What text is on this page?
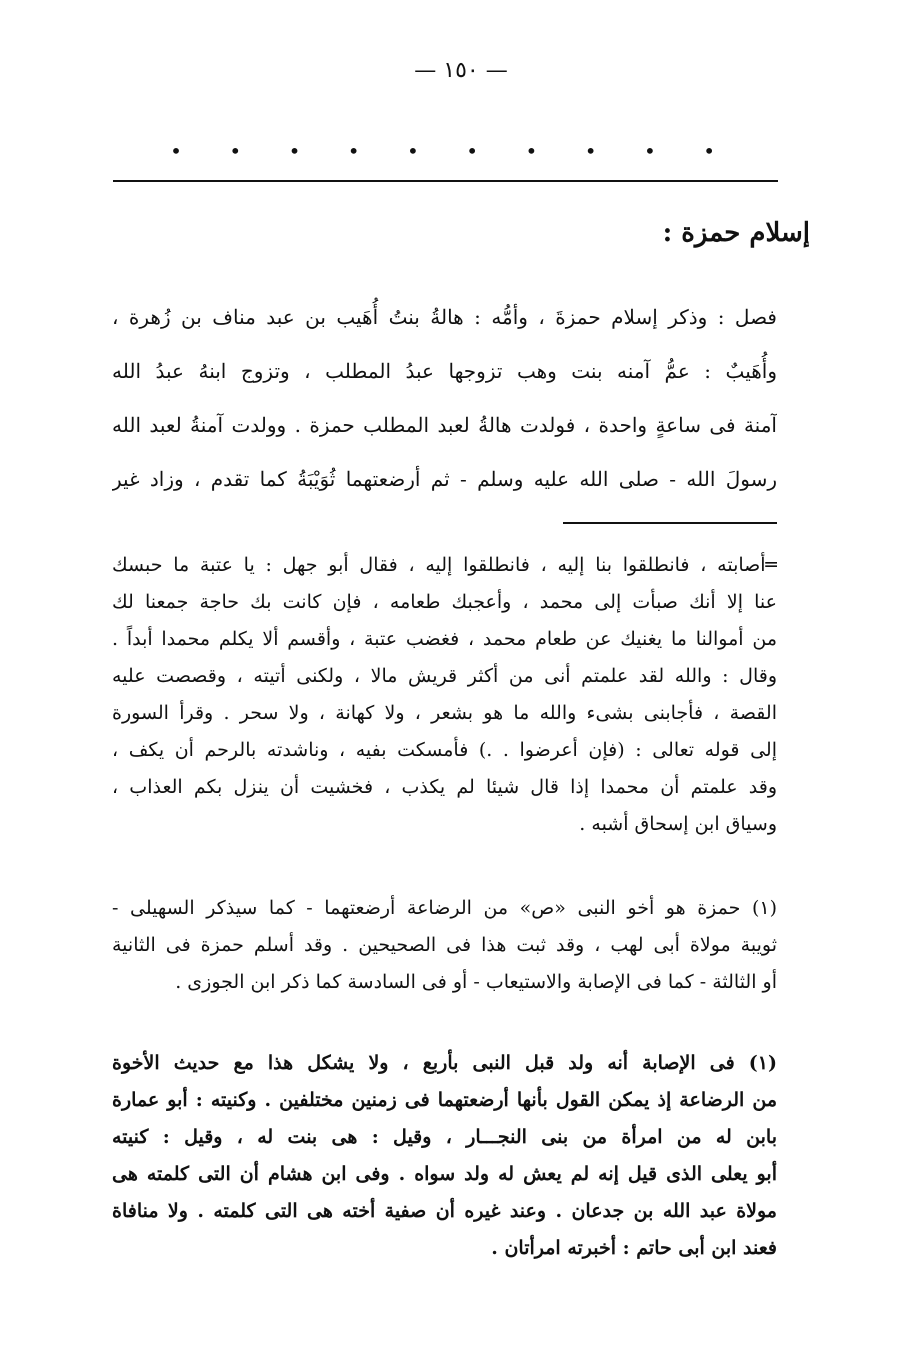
— ١٥٠ —
•
•
•
•
•
•
•
•
•
•
إسلام حمزة :
فصل : وذكر إسلام حمزةَ ، وأمُّه : هالةُ بنتُ أُهَيب بن عبد مناف بن زُهرة ،
وأُهَيبٌ : عمُّ آمنه بنت وهب تزوجها عبدُ المطلب ، وتزوج ابنهُ عبدُ الله
آمنة فى ساعةٍ واحدة ، فولدت هالةُ لعبد المطلب حمزة . وولدت آمنةُ لعبد الله
رسولَ الله - صلى الله عليه وسلم - ثم أرضعتهما ثُوَيْبَةُ كما تقدم ، وزاد غير
═أصابته ، فانطلقوا بنا إليه ، فانطلقوا إليه ، فقال أبو جهل : يا عتبة ما حبسك
عنا إلا أنك صبأت إلى محمد ، وأعجبك طعامه ، فإن كانت بك حاجة جمعنا لك
من أموالنا ما يغنيك عن طعام محمد ، فغضب عتبة ، وأقسم ألا يكلم محمدا أبداً .
وقال : والله لقد علمتم أنى من أكثر قريش مالا ، ولكنى أتيته ، وقصصت عليه
القصة ، فأجابنى بشىء والله ما هو بشعر ، ولا كهانة ، ولا سحر . وقرأ السورة
إلى قوله تعالى : (فإن أعرضوا . .) فأمسكت بفيه ، وناشدته بالرحم أن يكف ،
وقد علمتم أن محمدا إذا قال شيئا لم يكذب ، فخشيت أن ينزل بكم العذاب ،
وسياق ابن إسحاق أشبه .
(١) حمزة هو أخو النبى «ص» من الرضاعة أرضعتهما - كما سيذكر السهيلى -
ثويبة مولاة أبى لهب ، وقد ثبت هذا فى الصحيحين . وقد أسلم حمزة فى الثانية
أو الثالثة - كما فى الإصابة والاستيعاب - أو فى السادسة كما ذكر ابن الجوزى .
(١) فى الإصابة أنه ولد قبل النبى بأربع ، ولا يشكل هذا مع حديث الأخوة
من الرضاعة إذ يمكن القول بأنها أرضعتهما فى زمنين مختلفين . وكنيته : أبو عمارة
بابن له من امرأة من بنى النجـــار ، وقيل : هى بنت له ، وقيل : كنيته
أبو يعلى الذى قيل إنه لم يعش له ولد سواه . وفى ابن هشام أن التى كلمته هى
مولاة عبد الله بن جدعان . وعند غيره أن صفية أخته هى التى كلمته . ولا منافاة
فعند ابن أبى حاتم : أخبرته امرأتان .
